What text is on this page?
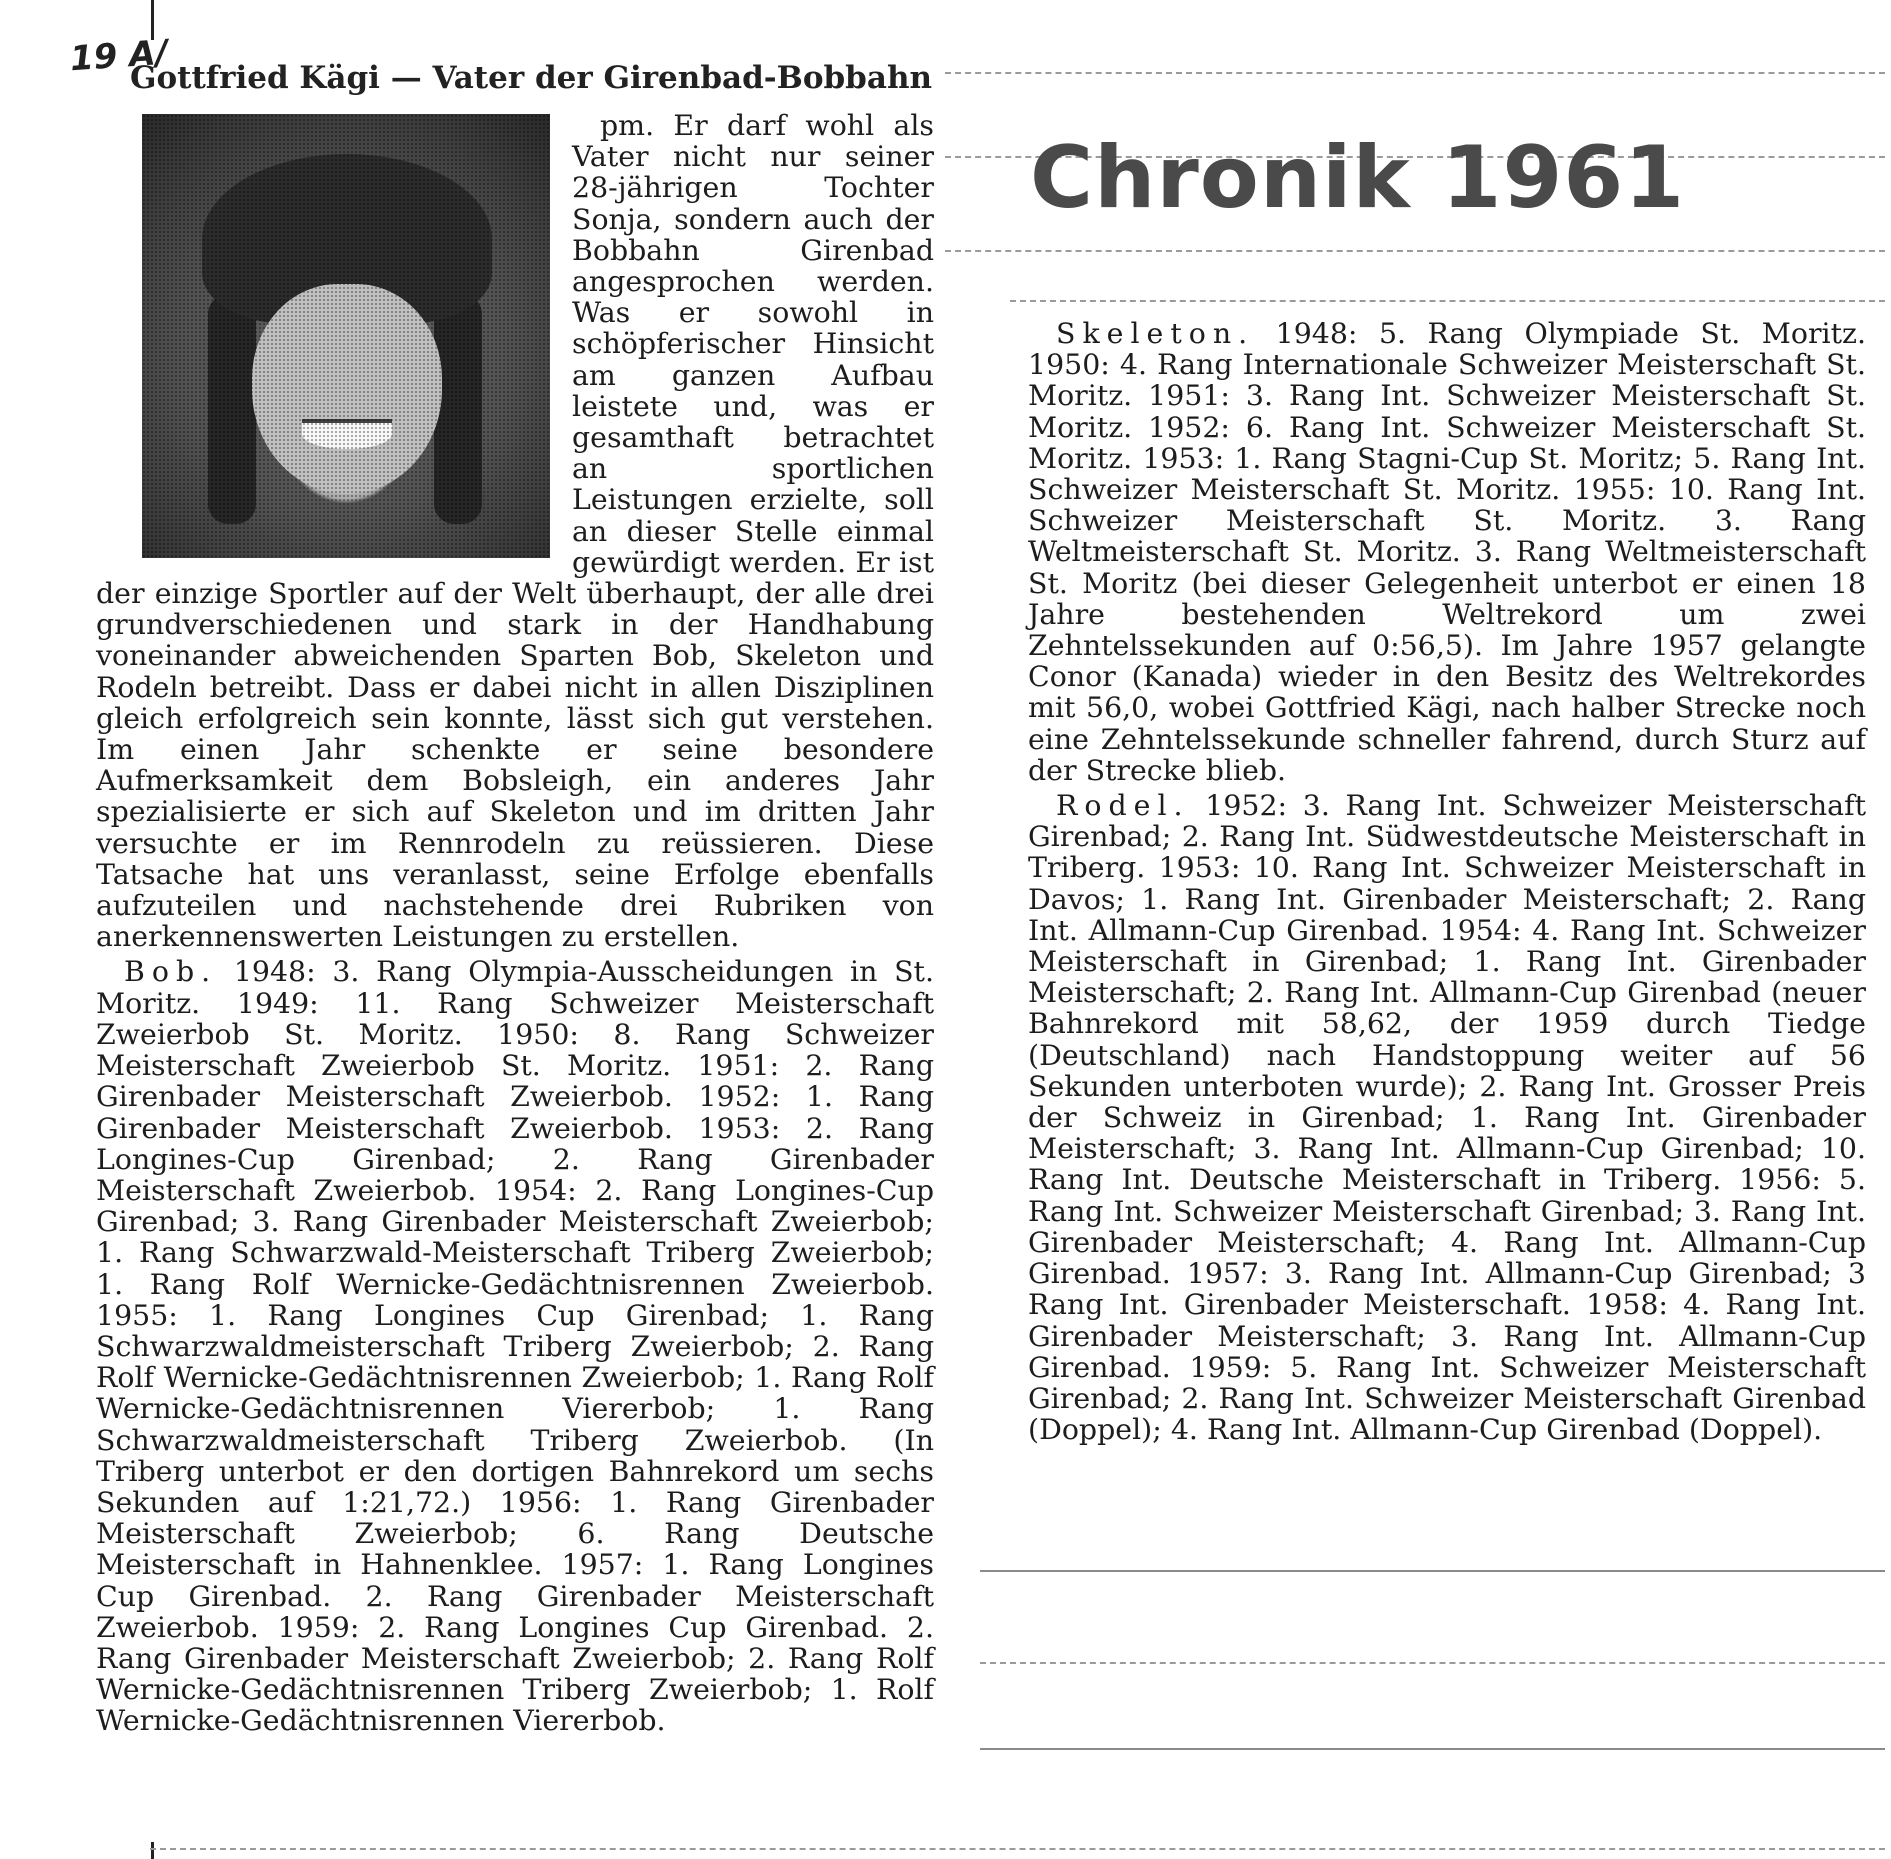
19 A/
Chronik 1961
Gottfried Kägi — Vater der Girenbad-Bobbahn

pm. Er darf wohl als Vater nicht nur seiner 28-jährigen Tochter Sonja, sondern auch der Bobbahn Girenbad angesprochen werden. Was er sowohl in schöpferischer Hinsicht am ganzen Aufbau leistete und, was er gesamthaft betrachtet an sportlichen Leistungen erzielte, soll an dieser Stelle einmal gewürdigt werden. Er ist der einzige Sportler auf der Welt überhaupt, der alle drei grundverschiedenen und stark in der Handhabung voneinander abweichenden Sparten Bob, Skeleton und Rodeln betreibt. Dass er dabei nicht in allen Disziplinen gleich erfolgreich sein konnte, lässt sich gut verstehen. Im einen Jahr schenkte er seine besondere Aufmerksamkeit dem Bobsleigh, ein anderes Jahr spezialisierte er sich auf Skeleton und im dritten Jahr versuchte er im Rennrodeln zu reüssieren. Diese Tatsache hat uns veranlasst, seine Erfolge ebenfalls aufzuteilen und nachstehende drei Rubriken von anerkennenswerten Leistungen zu erstellen.

Bob. 1948: 3. Rang Olympia-Ausscheidungen in St. Moritz. 1949: 11. Rang Schweizer Meisterschaft Zweierbob St. Moritz. 1950: 8. Rang Schweizer Meisterschaft Zweierbob St. Moritz. 1951: 2. Rang Girenbader Meisterschaft Zweierbob. 1952: 1. Rang Girenbader Meisterschaft Zweierbob. 1953: 2. Rang Longines-Cup Girenbad; 2. Rang Girenbader Meisterschaft Zweierbob. 1954: 2. Rang Longines-Cup Girenbad; 3. Rang Girenbader Meisterschaft Zweierbob; 1. Rang Schwarzwald-Meisterschaft Triberg Zweierbob; 1. Rang Rolf Wernicke-Gedächtnisrennen Zweierbob. 1955: 1. Rang Longines Cup Girenbad; 1. Rang Schwarzwaldmeisterschaft Triberg Zweierbob; 2. Rang Rolf Wernicke-Gedächtnisrennen Zweierbob; 1. Rang Rolf Wernicke-Gedächtnisrennen Viererbob; 1. Rang Schwarzwaldmeisterschaft Triberg Zweierbob. (In Triberg unterbot er den dortigen Bahnrekord um sechs Sekunden auf 1:21,72.) 1956: 1. Rang Girenbader Meisterschaft Zweierbob; 6. Rang Deutsche Meisterschaft in Hahnenklee. 1957: 1. Rang Longines Cup Girenbad. 2. Rang Girenbader Meisterschaft Zweierbob. 1959: 2. Rang Longines Cup Girenbad. 2. Rang Girenbader Meisterschaft Zweierbob; 2. Rang Rolf Wernicke-Gedächtnisrennen Triberg Zweierbob; 1. Rolf Wernicke-Gedächtnisrennen Viererbob.

Skeleton. 1948: 5. Rang Olympiade St. Moritz. 1950: 4. Rang Internationale Schweizer Meisterschaft St. Moritz. 1951: 3. Rang Int. Schweizer Meisterschaft St. Moritz. 1952: 6. Rang Int. Schweizer Meisterschaft St. Moritz. 1953: 1. Rang Stagni-Cup St. Moritz; 5. Rang Int. Schweizer Meisterschaft St. Moritz. 1955: 10. Rang Int. Schweizer Meisterschaft St. Moritz. 3. Rang Weltmeisterschaft St. Moritz. 3. Rang Weltmeisterschaft St. Moritz (bei dieser Gelegenheit unterbot er einen 18 Jahre bestehenden Weltrekord um zwei Zehntelssekunden auf 0:56,5). Im Jahre 1957 gelangte Conor (Kanada) wieder in den Besitz des Weltrekordes mit 56,0, wobei Gottfried Kägi, nach halber Strecke noch eine Zehntelssekunde schneller fahrend, durch Sturz auf der Strecke blieb.

Rodel. 1952: 3. Rang Int. Schweizer Meisterschaft Girenbad; 2. Rang Int. Südwestdeutsche Meisterschaft in Triberg. 1953: 10. Rang Int. Schweizer Meisterschaft in Davos; 1. Rang Int. Girenbader Meisterschaft; 2. Rang Int. Allmann-Cup Girenbad. 1954: 4. Rang Int. Schweizer Meisterschaft in Girenbad; 1. Rang Int. Girenbader Meisterschaft; 2. Rang Int. Allmann-Cup Girenbad (neuer Bahnrekord mit 58,62, der 1959 durch Tiedge (Deutschland) nach Handstoppung weiter auf 56 Sekunden unterboten wurde); 2. Rang Int. Grosser Preis der Schweiz in Girenbad; 1. Rang Int. Girenbader Meisterschaft; 3. Rang Int. Allmann-Cup Girenbad; 10. Rang Int. Deutsche Meisterschaft in Triberg. 1956: 5. Rang Int. Schweizer Meisterschaft Girenbad; 3. Rang Int. Girenbader Meisterschaft; 4. Rang Int. Allmann-Cup Girenbad. 1957: 3. Rang Int. Allmann-Cup Girenbad; 3 Rang Int. Girenbader Meisterschaft. 1958: 4. Rang Int. Girenbader Meisterschaft; 3. Rang Int. Allmann-Cup Girenbad. 1959: 5. Rang Int. Schweizer Meisterschaft Girenbad; 2. Rang Int. Schweizer Meisterschaft Girenbad (Doppel); 4. Rang Int. Allmann-Cup Girenbad (Doppel).
